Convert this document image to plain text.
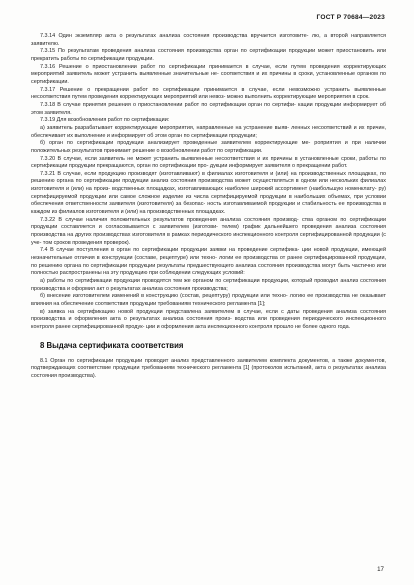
ГОСТ Р 70684—2023

7.3.14 Один экземпляр акта о результатах анализа состояния производства вручается изготовите- лю, а второй направляется заявителю.

7.3.15 По результатам проведения анализа состояния производства орган по сертификации продукции может приостановить или прекратить работы по сертификации продукции.

7.3.16 Решение о приостановлении работ по сертификации принимается в случае, если путем проведения корректирующих мероприятий заявитель может устранить выявленные значительные не- соответствия и их причины в сроки, установленные органом по сертификации.

7.3.17 Решение о прекращении работ по сертификации принимается в случае, если невозможно устранить выявленные несоответствия путем проведения корректирующих мероприятий или невоз- можно выполнить корректирующие мероприятия в срок.

7.3.18 В случае принятия решения о приостановлении работ по сертификации орган по сертифи- кации продукции информирует об этом заявителя.

7.3.19 Для возобновления работ по сертификации:

а) заявитель разрабатывает корректирующие мероприятия, направленные на устранение выяв- ленных несоответствий и их причин, обеспечивает их выполнение и информирует об этом орган по сертификации продукции;

б) орган по сертификации продукции анализирует проведенные заявителем корректирующие ме- роприятия и при наличии положительных результатов принимает решение о возобновлении работ по сертификации.

7.3.20 В случае, если заявитель не может устранить выявленные несоответствия и их причины в установленные сроки, работы по сертификации продукции прекращаются, орган по сертификации про- дукции информирует заявителя о прекращении работ.

7.3.21 В случае, если продукцию производят (изготавливают) в филиалах изготовителя и (или) на производственных площадках, по решению органа по сертификации продукции анализ состояния производства может осуществляться в одном или нескольких филиалах изготовителя и (или) на произ- водственных площадках, изготавливающих наиболее широкий ассортимент (наибольшую номенклату- ру) сертифицируемой продукции или самое сложное изделие из числа сертифицируемой продукции в наибольших объемах, при условии обеспечения ответственности заявителя (изготовителя) за безопас- ность изготавливаемой продукции и стабильность ее производства в каждом из филиалов изготовителя и (или) на производственных площадках.

7.3.22 В случае наличия положительных результатов проведения анализа состояния производ- ства органом по сертификации продукции составляется и согласовывается с заявителем (изготови- телем) график дальнейшего проведения анализа состояния производства на других производствах изготовителя в рамках периодического инспекционного контроля сертифицированной продукции (с уче- том сроков проведения проверок).

7.4 В случае поступления в орган по сертификации продукции заявки на проведение сертифика- ции новой продукции, имеющей незначительные отличия в конструкции (составе, рецептуре) или техно- логии ее производства от ранее сертифицированной продукции, по решению органа по сертификации продукции результаты предшествующего анализа состояния производства могут быть частично или полностью распространены на эту продукцию при соблюдении следующих условий:

а) работы по сертификации продукции проводятся тем же органом по сертификации продукции, который проводил анализ состояния производства и оформил акт о результатах анализа состояния производства;

б) внесение изготовителем изменений в конструкцию (состав, рецептуру) продукции или техно- логию ее производства не оказывает влияния на обеспечение соответствия продукции требованиям технического регламента [1];

в) заявка на сертификацию новой продукции представлена заявителем в случае, если с даты проведения анализа состояния производства и оформления акта о результатах анализа состояния произ- водства или проведения периодического инспекционного контроля ранее сертифицированной продук- ции и оформления акта инспекционного контроля прошло не более одного года.

8 Выдача сертификата соответствия

8.1 Орган по сертификации продукции проводит анализ представленного заявителем комплекта документов, а также документов, подтверждающих соответствие продукции требованиям технического регламента [1] (протоколов испытаний, акта о результатах анализа состояния производства).

17
